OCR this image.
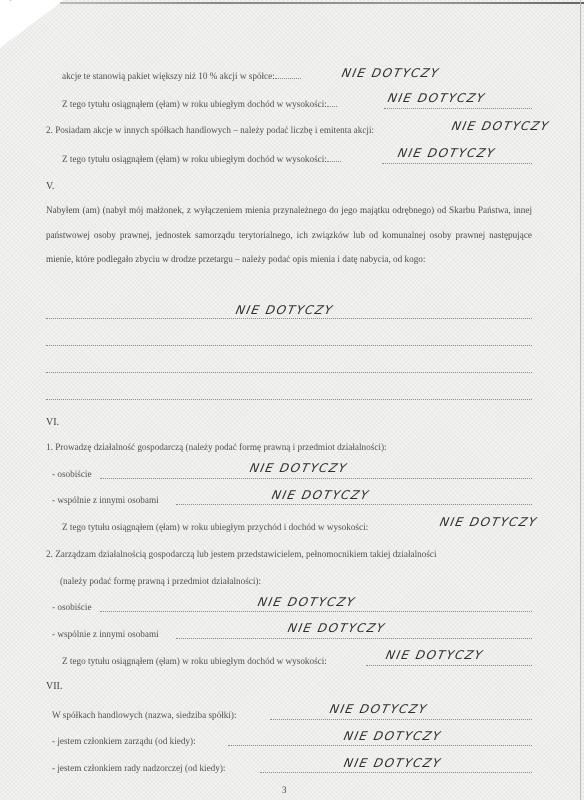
akcje te stanowią pakiet większy niż 10 % akcji w spółce:	NIE DOTYCZY
Z tego tytułu osiągnąłem (ęłam) w roku ubiegłym dochód w wysokości:	NIE DOTYCZY
2. Posiadam akcje w innych spółkach handlowych – należy podać liczbę i emitenta akcji:	NIE DOTYCZY
Z tego tytułu osiągnąłem (ęłam) w roku ubiegłym dochód w wysokości:	NIE DOTYCZY
V.
Nabyłem (am) (nabył mój małżonek, z wyłączeniem mienia przynależnego do jego majątku odrębnego) od Skarbu Państwa, innej państwowej osoby prawnej, jednostek samorządu terytorialnego, ich związków lub od komunalnej osoby prawnej następujące mienie, które podlegało zbyciu w drodze przetargu – należy podać opis mienia i datę nabycia, od kogo:
NIE DOTYCZY
VI.
1. Prowadzę działalność gospodarczą (należy podać formę prawną i przedmiot działalności):
- osobiście	NIE DOTYCZY
- wspólnie z innymi osobami	NIE DOTYCZY
Z tego tytułu osiągnąłem (ęłam) w roku ubiegłym przychód i dochód w wysokości:	NIE DOTYCZY
2. Zarządzam działalnością gospodarczą lub jestem przedstawicielem, pełnomocnikiem takiej działalności
(należy podać formę prawną i przedmiot działalności):
- osobiście	NIE DOTYCZY
- wspólnie z innymi osobami	NIE DOTYCZY
Z tego tytułu osiągnąłem (ęłam) w roku ubiegłym dochód w wysokości:	NIE DOTYCZY
VII.
W spółkach handlowych (nazwa, siedziba spółki):	NIE DOTYCZY
- jestem członkiem zarządu (od kiedy):	NIE DOTYCZY
- jestem członkiem rady nadzorczej (od kiedy):	NIE DOTYCZY
3
